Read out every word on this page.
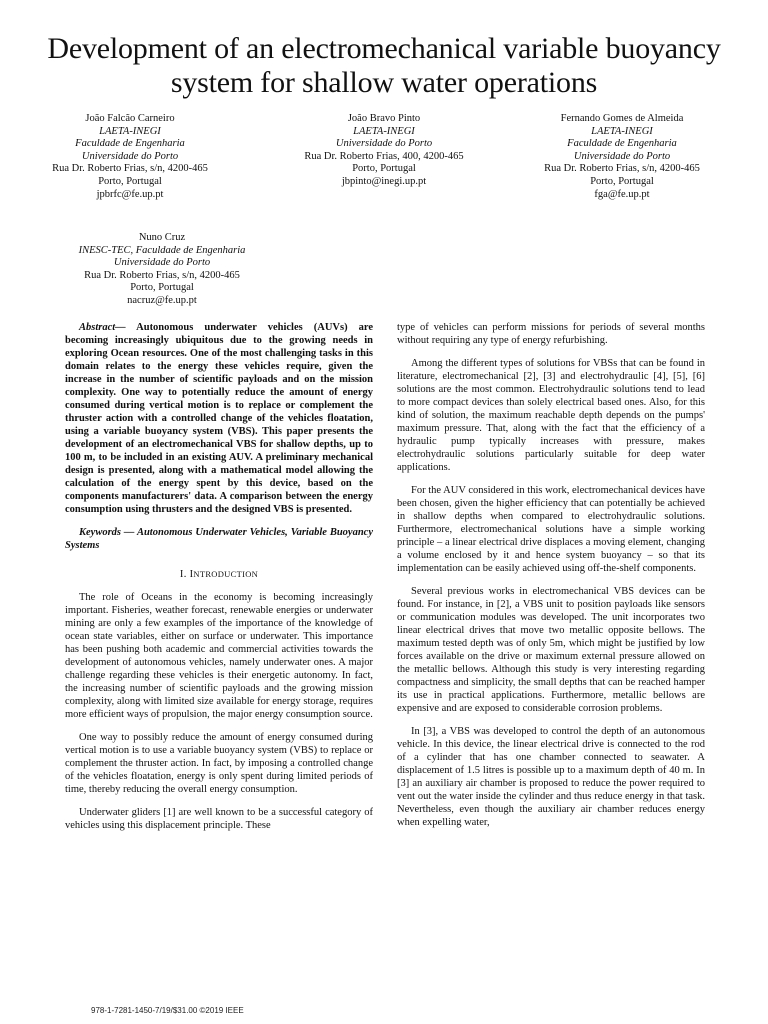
Development of an electromechanical variable buoyancy system for shallow water operations
João Falcão Carneiro
LAETA-INEGI
Faculdade de Engenharia
Universidade do Porto
Rua Dr. Roberto Frias, s/n, 4200-465
Porto, Portugal
jpbrfc@fe.up.pt
João Bravo Pinto
LAETA-INEGI
Universidade do Porto
Rua Dr. Roberto Frias, 400, 4200-465
Porto, Portugal
jbpinto@inegi.up.pt
Fernando Gomes de Almeida
LAETA-INEGI
Faculdade de Engenharia
Universidade do Porto
Rua Dr. Roberto Frias, s/n, 4200-465
Porto, Portugal
fga@fe.up.pt
Nuno Cruz
INESC-TEC, Faculdade de Engenharia
Universidade do Porto
Rua Dr. Roberto Frias, s/n, 4200-465
Porto, Portugal
nacruz@fe.up.pt

Abstract— Autonomous underwater vehicles (AUVs) are becoming increasingly ubiquitous due to the growing needs in exploring Ocean resources. One of the most challenging tasks in this domain relates to the energy these vehicles require, given the increase in the number of scientific payloads and on the mission complexity. One way to potentially reduce the amount of energy consumed during vertical motion is to replace or complement the thruster action with a controlled change of the vehicles floatation, using a variable buoyancy system (VBS). This paper presents the development of an electromechanical VBS for shallow depths, up to 100 m, to be included in an existing AUV. A preliminary mechanical design is presented, along with a mathematical model allowing the calculation of the energy spent by this device, based on the components manufacturers' data. A comparison between the energy consumption using thrusters and the designed VBS is presented.

Keywords — Autonomous Underwater Vehicles, Variable Buoyancy Systems

I. INTRODUCTION

The role of Oceans in the economy is becoming increasingly important. Fisheries, weather forecast, renewable energies or underwater mining are only a few examples of the importance of the knowledge of ocean state variables, either on surface or underwater. This importance has been pushing both academic and commercial activities towards the development of autonomous vehicles, namely underwater ones. A major challenge regarding these vehicles is their energetic autonomy. In fact, the increasing number of scientific payloads and the growing mission complexity, along with limited size available for energy storage, requires more efficient ways of propulsion, the major energy consumption source.

One way to possibly reduce the amount of energy consumed during vertical motion is to use a variable buoyancy system (VBS) to replace or complement the thruster action. In fact, by imposing a controlled change of the vehicles floatation, energy is only spent during limited periods of time, thereby reducing the overall energy consumption.

Underwater gliders [1] are well known to be a successful category of vehicles using this displacement principle. These

type of vehicles can perform missions for periods of several months without requiring any type of energy refurbishing.

Among the different types of solutions for VBSs that can be found in literature, electromechanical [2], [3] and electrohydraulic [4], [5], [6] solutions are the most common. Electrohydraulic solutions tend to lead to more compact devices than solely electrical based ones. Also, for this kind of solution, the maximum reachable depth depends on the pumps' maximum pressure. That, along with the fact that the efficiency of a hydraulic pump typically increases with pressure, makes electrohydraulic solutions particularly suitable for deep water applications.

For the AUV considered in this work, electromechanical devices have been chosen, given the higher efficiency that can potentially be achieved in shallow depths when compared to electrohydraulic solutions. Furthermore, electromechanical solutions have a simple working principle – a linear electrical drive displaces a moving element, changing a volume enclosed by it and hence system buoyancy – so that its implementation can be easily achieved using off-the-shelf components.

Several previous works in electromechanical VBS devices can be found. For instance, in [2], a VBS unit to position payloads like sensors or communication modules was developed. The unit incorporates two linear electrical drives that move two metallic opposite bellows. The maximum tested depth was of only 5m, which might be justified by low forces available on the drive or maximum external pressure allowed on the metallic bellows. Although this study is very interesting regarding compactness and simplicity, the small depths that can be reached hamper its use in practical applications. Furthermore, metallic bellows are expensive and are exposed to considerable corrosion problems.

In [3], a VBS was developed to control the depth of an autonomous vehicle. In this device, the linear electrical drive is connected to the rod of a cylinder that has one chamber connected to seawater. A displacement of 1.5 litres is possible up to a maximum depth of 40 m. In [3] an auxiliary air chamber is proposed to reduce the power required to vent out the water inside the cylinder and thus reduce energy in that task. Nevertheless, even though the auxiliary air chamber reduces energy when expelling water,

978-1-7281-1450-7/19/$31.00 ©2019 IEEE
